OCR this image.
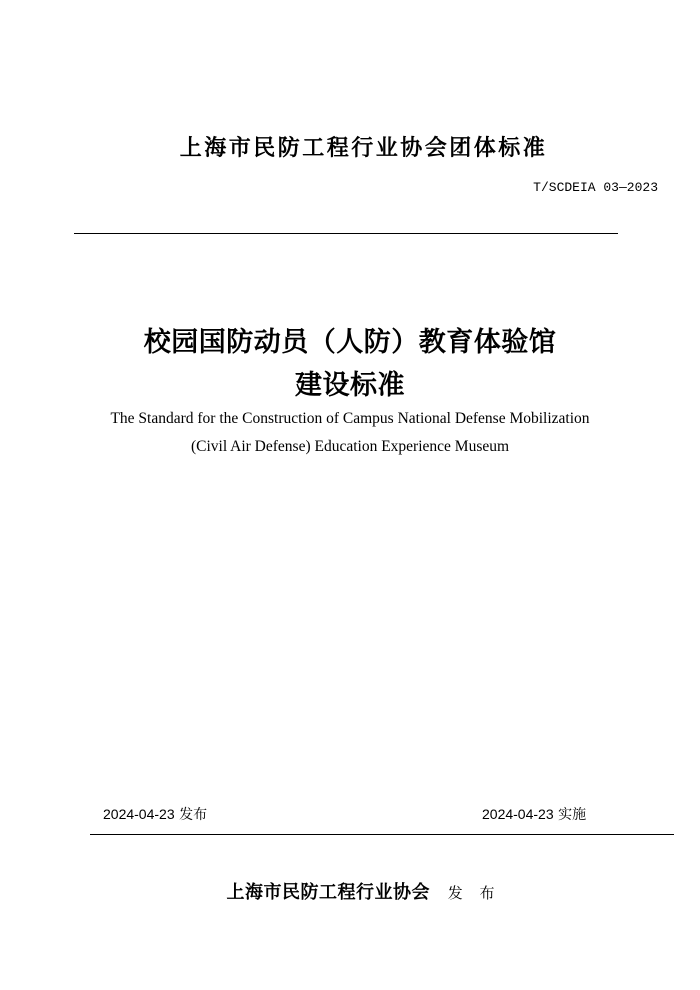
上海市民防工程行业协会团体标准
T/SCDEIA 03—2023
校园国防动员（人防）教育体验馆
建设标准
The Standard for the Construction of Campus National Defense Mobilization
(Civil Air Defense) Education Experience Museum
2024-04-23 发布	2024-04-23 实施
上海市民防工程行业协会 发 布
